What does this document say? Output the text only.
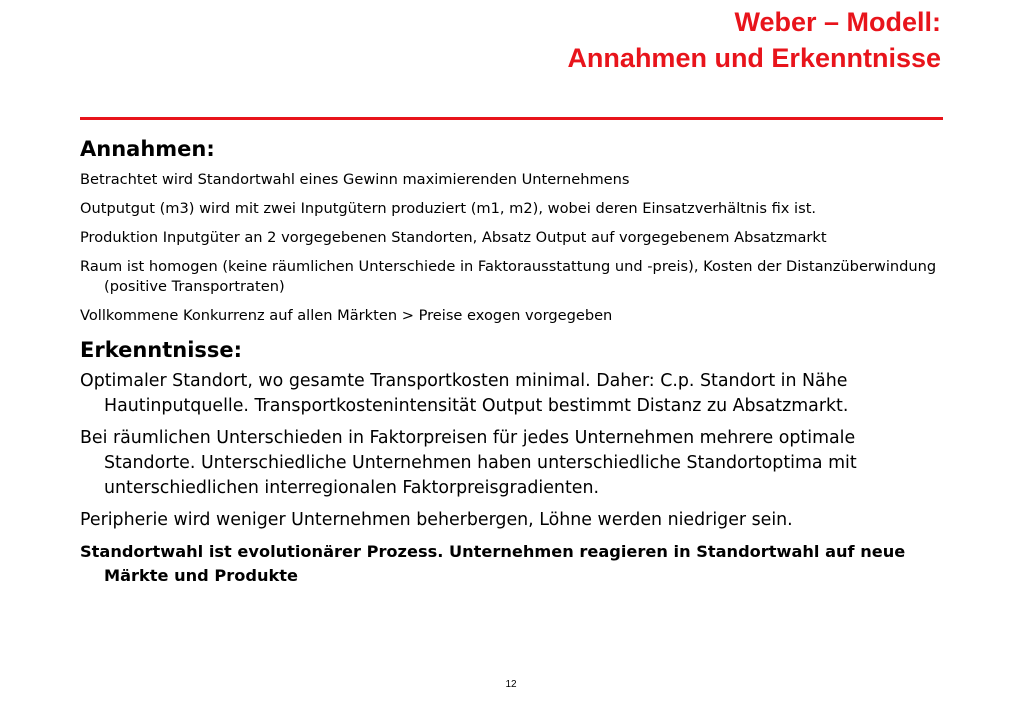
Weber – Modell:
Annahmen und Erkenntnisse
Annahmen:
Betrachtet wird Standortwahl eines Gewinn maximierenden Unternehmens
Outputgut (m3) wird mit zwei Inputgütern produziert (m1, m2), wobei deren Einsatzverhältnis fix ist.
Produktion Inputgüter an 2 vorgegebenen Standorten, Absatz Output auf vorgegebenem Absatzmarkt
Raum ist homogen (keine räumlichen Unterschiede in Faktorausstattung und -preis), Kosten der Distanzüberwindung (positive Transportraten)
Vollkommene Konkurrenz auf allen Märkten > Preise exogen vorgegeben
Erkenntnisse:
Optimaler Standort, wo gesamte Transportkosten minimal. Daher: C.p. Standort in Nähe Hautinputquelle. Transportkostenintensität Output bestimmt Distanz zu Absatzmarkt.
Bei räumlichen Unterschieden in Faktorpreisen für jedes Unternehmen mehrere optimale Standorte. Unterschiedliche Unternehmen haben unterschiedliche Standortoptima mit unterschiedlichen interregionalen Faktorpreisgradienten.
Peripherie wird weniger Unternehmen beherbergen, Löhne werden niedriger sein.
Standortwahl ist evolutionärer Prozess. Unternehmen reagieren in Standortwahl auf neue Märkte und Produkte
12
